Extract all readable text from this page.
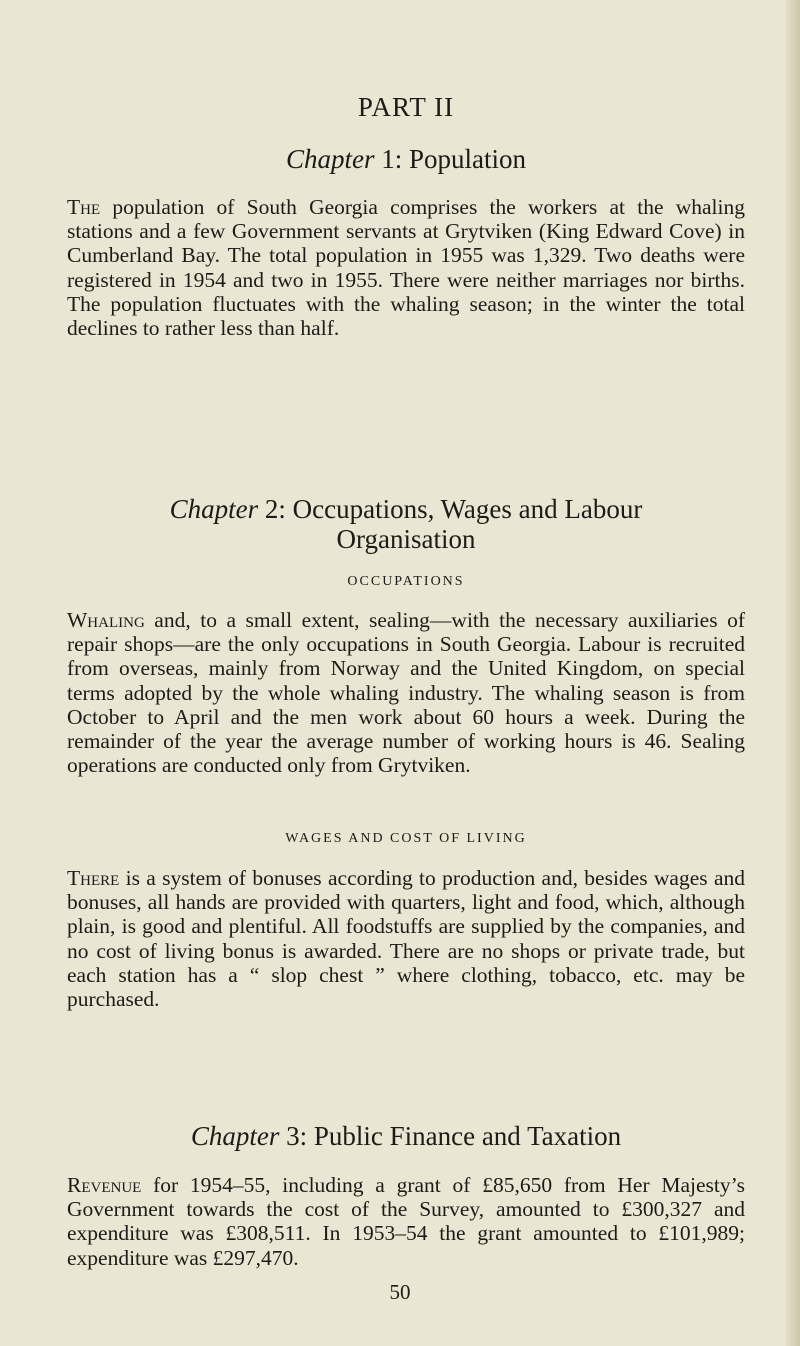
PART II
Chapter 1: Population

The population of South Georgia comprises the workers at the whaling stations and a few Government servants at Grytviken (King Edward Cove) in Cumberland Bay. The total population in 1955 was 1,329. Two deaths were registered in 1954 and two in 1955. There were neither marriages nor births. The population fluctuates with the whaling season; in the winter the total declines to rather less than half.

Chapter 2: Occupations, Wages and Labour
Organisation
OCCUPATIONS

Whaling and, to a small extent, sealing—with the necessary auxiliaries of repair shops—are the only occupations in South Georgia. Labour is recruited from overseas, mainly from Norway and the United Kingdom, on special terms adopted by the whole whaling industry. The whaling season is from October to April and the men work about 60 hours a week. During the remainder of the year the average number of working hours is 46. Sealing operations are conducted only from Grytviken.

WAGES AND COST OF LIVING

There is a system of bonuses according to production and, besides wages and bonuses, all hands are provided with quarters, light and food, which, although plain, is good and plentiful. All foodstuffs are supplied by the companies, and no cost of living bonus is awarded. There are no shops or private trade, but each station has a “ slop chest ” where clothing, tobacco, etc. may be purchased.

Chapter 3: Public Finance and Taxation

Revenue for 1954–55, including a grant of £85,650 from Her Majesty’s Government towards the cost of the Survey, amounted to £300,327 and expenditure was £308,511. In 1953–54 the grant amounted to £101,989; expenditure was £297,470.

50
